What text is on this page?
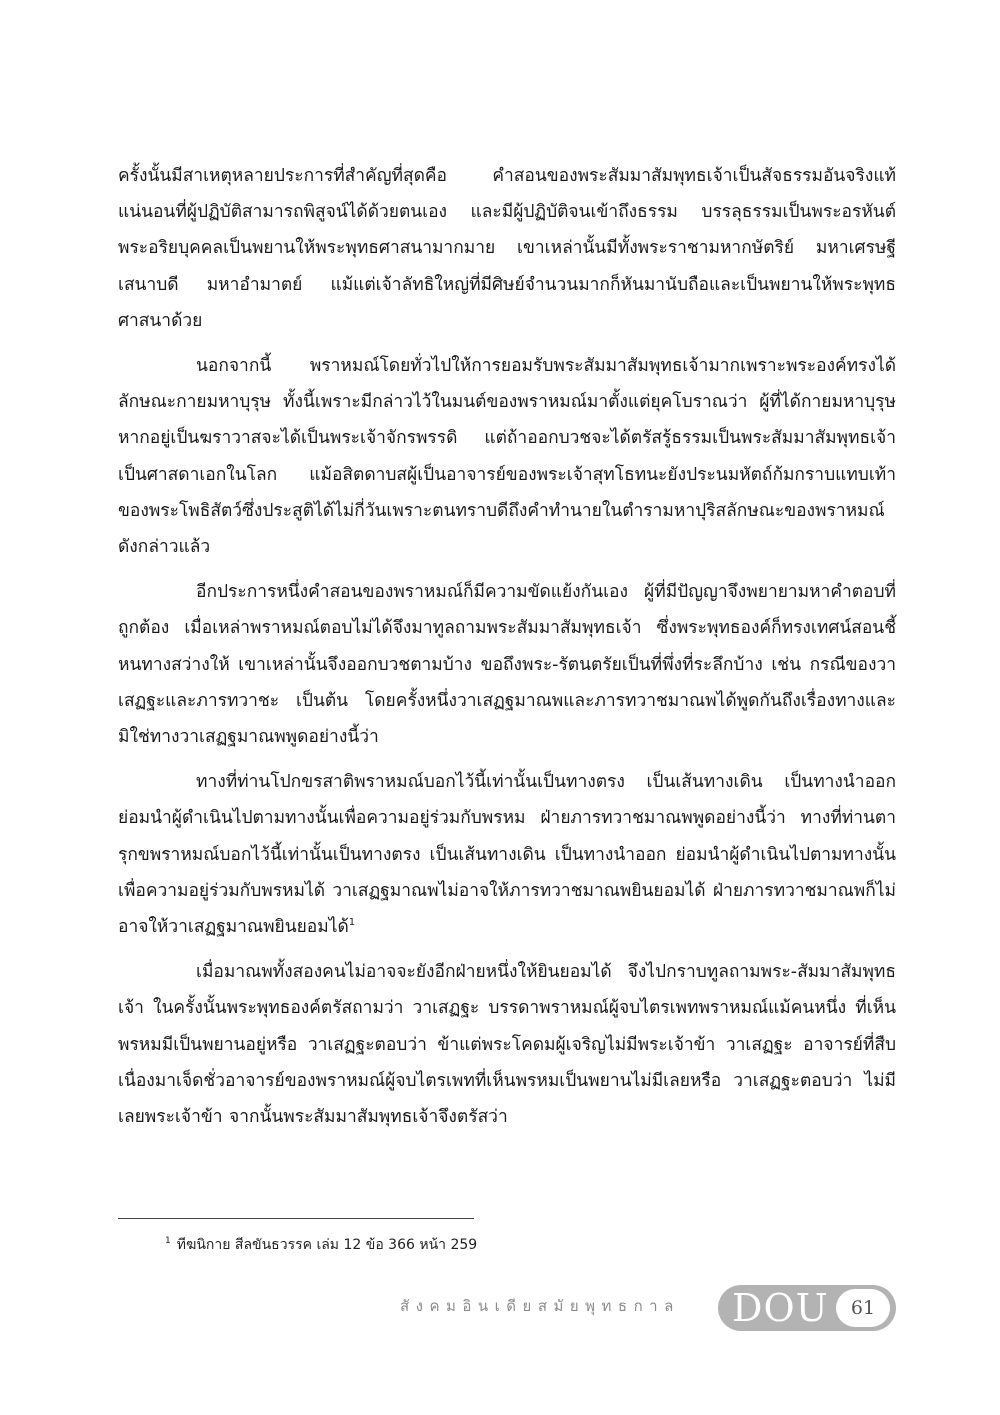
ครั้งนั้นมีสาเหตุหลายประการที่สำคัญที่สุดคือ คำสอนของพระสัมมาสัมพุทธเจ้าเป็นสัจธรรมอันจริงแท้แน่นอนที่ผู้ปฏิบัติสามารถพิสูจน์ได้ด้วยตนเอง และมีผู้ปฏิบัติจนเข้าถึงธรรม บรรลุธรรมเป็นพระอรหันต์ พระอริยบุคคลเป็นพยานให้พระพุทธศาสนามากมาย เขาเหล่านั้นมีทั้งพระราชามหากษัตริย์ มหาเศรษฐี เสนาบดี มหาอำมาตย์ แม้แต่เจ้าลัทธิใหญ่ที่มีศิษย์จำนวนมากก็หันมานับถือและเป็นพยานให้พระพุทธศาสนาด้วย

นอกจากนี้ พราหมณ์โดยทั่วไปให้การยอมรับพระสัมมาสัมพุทธเจ้ามากเพราะพระองค์ทรงได้ลักษณะกายมหาบุรุษ ทั้งนี้เพราะมีกล่าวไว้ในมนต์ของพราหมณ์มาตั้งแต่ยุคโบราณว่า ผู้ที่ได้กายมหาบุรุษหากอยู่เป็นฆราวาสจะได้เป็นพระเจ้าจักรพรรดิ แต่ถ้าออกบวชจะได้ตรัสรู้ธรรมเป็นพระสัมมาสัมพุทธเจ้าเป็นศาสดาเอกในโลก แม้อสิตดาบสผู้เป็นอาจารย์ของพระเจ้าสุทโธทนะยังประนมหัตถ์ก้มกราบแทบเท้าของพระโพธิสัตว์ซึ่งประสูติได้ไม่กี่วันเพราะตนทราบดีถึงคำทำนายในตำรามหาปุริสลักษณะของพราหมณ์ดังกล่าวแล้ว

อีกประการหนึ่งคำสอนของพราหมณ์ก็มีความขัดแย้งกันเอง ผู้ที่มีปัญญาจึงพยายามหาคำตอบที่ถูกต้อง เมื่อเหล่าพราหมณ์ตอบไม่ได้จึงมาทูลถามพระสัมมาสัมพุทธเจ้า ซึ่งพระพุทธองค์ก็ทรงเทศน์สอนชี้หนทางสว่างให้ เขาเหล่านั้นจึงออกบวชตามบ้าง ขอถึงพระ-รัตนตรัยเป็นที่พึ่งที่ระลึกบ้าง เช่น กรณีของวาเสฏฐะและภารทวาชะ เป็นต้น โดยครั้งหนึ่งวาเสฏฐมาณพและภารทวาชมาณพได้พูดกันถึงเรื่องทางและมิใช่ทางวาเสฏฐมาณพพูดอย่างนี้ว่า

ทางที่ท่านโปกขรสาติพราหมณ์บอกไว้นี้เท่านั้นเป็นทางตรง เป็นเส้นทางเดิน เป็นทางนำออก ย่อมนำผู้ดำเนินไปตามทางนั้นเพื่อความอยู่ร่วมกับพรหม ฝ่ายภารทวาชมาณพพูดอย่างนี้ว่า ทางที่ท่านตารุกขพราหมณ์บอกไว้นี้เท่านั้นเป็นทางตรง เป็นเส้นทางเดิน เป็นทางนำออก ย่อมนำผู้ดำเนินไปตามทางนั้น เพื่อความอยู่ร่วมกับพรหมได้ วาเสฏฐมาณพไม่อาจให้ภารทวาชมาณพยินยอมได้ ฝ่ายภารทวาชมาณพก็ไม่อาจให้วาเสฏฐมาณพยินยอมได้$^1$

เมื่อมาณพทั้งสองคนไม่อาจจะยังอีกฝ่ายหนึ่งให้ยินยอมได้ จึงไปกราบทูลถามพระ-สัมมาสัมพุทธเจ้า ในครั้งนั้นพระพุทธองค์ตรัสถามว่า วาเสฏฐะ บรรดาพราหมณ์ผู้จบไตรเพทพราหมณ์แม้คนหนึ่ง ที่เห็นพรหมมีเป็นพยานอยู่หรือ วาเสฏฐะตอบว่า ข้าแต่พระโคดมผู้เจริญไม่มีพระเจ้าข้า วาเสฏฐะ อาจารย์ที่สืบเนื่องมาเจ็ดชั่วอาจารย์ของพราหมณ์ผู้จบไตรเพทที่เห็นพรหมเป็นพยานไม่มีเลยหรือ วาเสฏฐะตอบว่า ไม่มีเลยพระเจ้าข้า จากนั้นพระสัมมาสัมพุทธเจ้าจึงตรัสว่า

$^1$ ทีฆนิกาย สีลขันธวรรค เล่ม 12 ข้อ 366 หน้า 259
สังคมอินเดียสมัยพุทธกาล DOU	61
